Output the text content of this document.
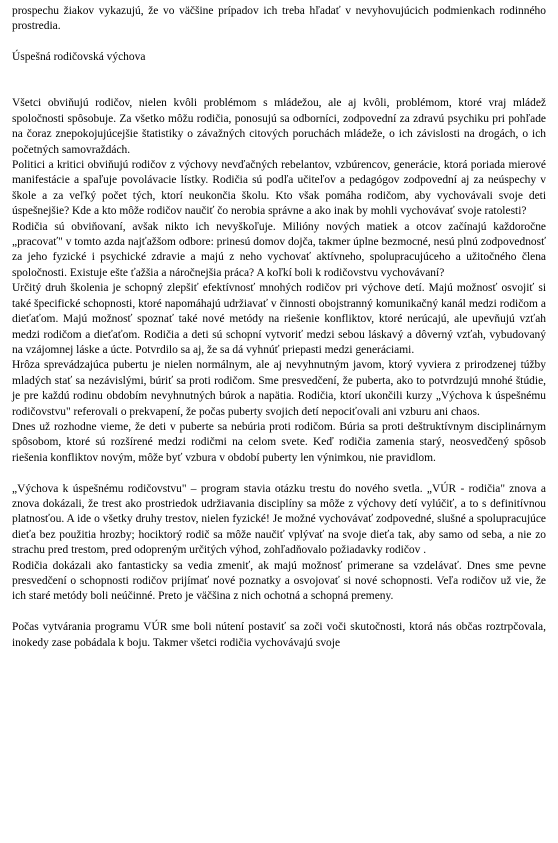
prospechu žiakov vykazujú, že vo väčšine prípadov ich treba hľadať v nevyhovujúcich podmienkach rodinného prostredia.

Úspešná rodičovská výchova

Všetci obviňujú rodičov, nielen kvôli problémom s mládežou, ale aj kvôli, problémom, ktoré vraj mládež spoločnosti spôsobuje. Za všetko môžu rodičia, ponosujú sa odborníci, zodpovední za zdravú psychiku pri pohľade na čoraz znepokojujúcejšie štatistiky o závažných citových poruchách mládeže, o ich závislosti na drogách, o ich početných samovraždách.

Politici a kritici obviňujú rodičov z výchovy nevďačných rebelantov, vzbúrencov, generácie, ktorá poriada mierové manifestácie a spaľuje povolávacie lístky. Rodičia sú podľa učiteľov a pedagógov zodpovední aj za neúspechy v škole a za veľký počet tých, ktorí neukončia školu. Kto však pomáha rodičom, aby vychovávali svoje deti úspešnejšie? Kde a kto môže rodičov naučiť čo nerobia správne a ako inak by mohli vychovávať svoje ratolesti?

Rodičia sú obviňovaní, avšak nikto ich nevyškoľuje. Milióny nových matiek a otcov začínajú každoročne „pracovať" v tomto azda najťažšom odbore: prinesú domov dojča, takmer úplne bezmocné, nesú plnú zodpovednosť za jeho fyzické i psychické zdravie a majú z neho vychovať aktívneho, spolupracujúceho a užitočného člena spoločnosti. Existuje ešte ťažšia a náročnejšia práca? A koľkí boli k rodičovstvu vychovávaní?

Určitý druh školenia je schopný zlepšiť efektívnosť mnohých rodičov pri výchove detí. Majú možnosť osvojiť si také špecifické schopnosti, ktoré napomáhajú udržiavať v činnosti obojstranný komunikačný kanál medzi rodičom a dieťaťom. Majú možnosť spoznať také nové metódy na riešenie konfliktov, ktoré nerúcajú, ale upevňujú vzťah medzi rodičom a dieťaťom. Rodičia a deti sú schopní vytvoriť medzi sebou láskavý a dôverný vzťah, vybudovaný na vzájomnej láske a úcte. Potvrdilo sa aj, že sa dá vyhnúť priepasti medzi generáciami.

Hrôza sprevádzajúca pubertu je nielen normálnym, ale aj nevyhnutným javom, ktorý vyviera z prirodzenej túžby mladých stať sa nezávislými, búriť sa proti rodičom. Sme presvedčení, že puberta, ako to potvrdzujú mnohé štúdie, je pre každú rodinu obdobím nevyhnutných búrok a napätia. Rodičia, ktorí ukončili kurzy „Výchova k úspešnému rodičovstvu" referovali o prekvapení, že počas puberty svojich detí nepociťovali ani vzburu ani chaos.

Dnes už rozhodne vieme, že deti v puberte sa nebúria proti rodičom. Búria sa proti deštruktívnym disciplinárnym spôsobom, ktoré sú rozšírené medzi rodičmi na celom svete. Keď rodičia zamenia starý, neosvedčený spôsob riešenia konfliktov novým, môže byť vzbura v období puberty len výnimkou, nie pravidlom.

„Výchova k úspešnému rodičovstvu" – program stavia otázku trestu do nového svetla. „VÚR - rodičia" znova a znova dokázali, že trest ako prostriedok udržiavania disciplíny sa môže z výchovy detí vylúčiť, a to s definitívnou platnosťou. A ide o všetky druhy trestov, nielen fyzické! Je možné vychovávať zodpovedné, slušné a spolupracujúce dieťa bez použitia hrozby; hociktorý rodič sa môže naučiť vplývať na svoje dieťa tak, aby samo od seba, a nie zo strachu pred trestom, pred odopreným určitých výhod, zohľadňovalo požiadavky rodičov .

Rodičia dokázali ako fantasticky sa vedia zmeniť, ak majú možnosť primerane sa vzdelávať. Dnes sme pevne presvedčení o schopnosti rodičov prijímať nové poznatky a osvojovať si nové schopnosti. Veľa rodičov už vie, že ich staré metódy boli neúčinné. Preto je väčšina z nich ochotná a schopná premeny.

Počas vytvárania programu VÚR sme boli nútení postaviť sa zoči voči skutočnosti, ktorá nás občas roztrpčovala, inokedy zase pobádala k boju. Takmer všetci rodičia vychovávajú svoje
